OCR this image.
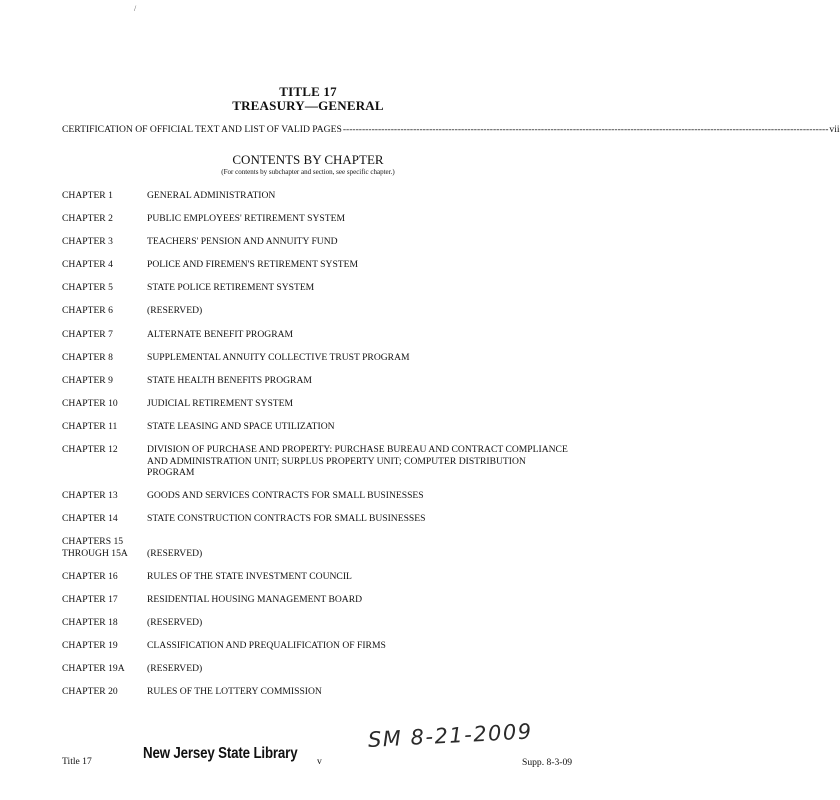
/
TITLE 17
TREASURY—GENERAL
CERTIFICATION OF OFFICIAL TEXT AND LIST OF VALID PAGES -------------------------------------------------------------------------------------------------------------------------------------------------------- vii
CONTENTS BY CHAPTER
(For contents by subchapter and section, see specific chapter.)
CHAPTER 1	GENERAL ADMINISTRATION
CHAPTER 2	PUBLIC EMPLOYEES' RETIREMENT SYSTEM
CHAPTER 3	TEACHERS' PENSION AND ANNUITY FUND
CHAPTER 4	POLICE AND FIREMEN'S RETIREMENT SYSTEM
CHAPTER 5	STATE POLICE RETIREMENT SYSTEM
CHAPTER 6	(RESERVED)
CHAPTER 7	ALTERNATE BENEFIT PROGRAM
CHAPTER 8	SUPPLEMENTAL ANNUITY COLLECTIVE TRUST PROGRAM
CHAPTER 9	STATE HEALTH BENEFITS PROGRAM
CHAPTER 10	JUDICIAL RETIREMENT SYSTEM
CHAPTER 11	STATE LEASING AND SPACE UTILIZATION
CHAPTER 12	DIVISION OF PURCHASE AND PROPERTY: PURCHASE BUREAU AND CONTRACT COMPLIANCE AND ADMINISTRATION UNIT; SURPLUS PROPERTY UNIT; COMPUTER DISTRIBUTION PROGRAM
CHAPTER 13	GOODS AND SERVICES CONTRACTS FOR SMALL BUSINESSES
CHAPTER 14	STATE CONSTRUCTION CONTRACTS FOR SMALL BUSINESSES
CHAPTERS 15
THROUGH 15A	(RESERVED)
CHAPTER 16	RULES OF THE STATE INVESTMENT COUNCIL
CHAPTER 17	RESIDENTIAL HOUSING MANAGEMENT BOARD
CHAPTER 18	(RESERVED)
CHAPTER 19	CLASSIFICATION AND PREQUALIFICATION OF FIRMS
CHAPTER 19A	(RESERVED)
CHAPTER 20	RULES OF THE LOTTERY COMMISSION
Title 17	New Jersey State Library v
SM 8-21-2009
Supp. 8-3-09
